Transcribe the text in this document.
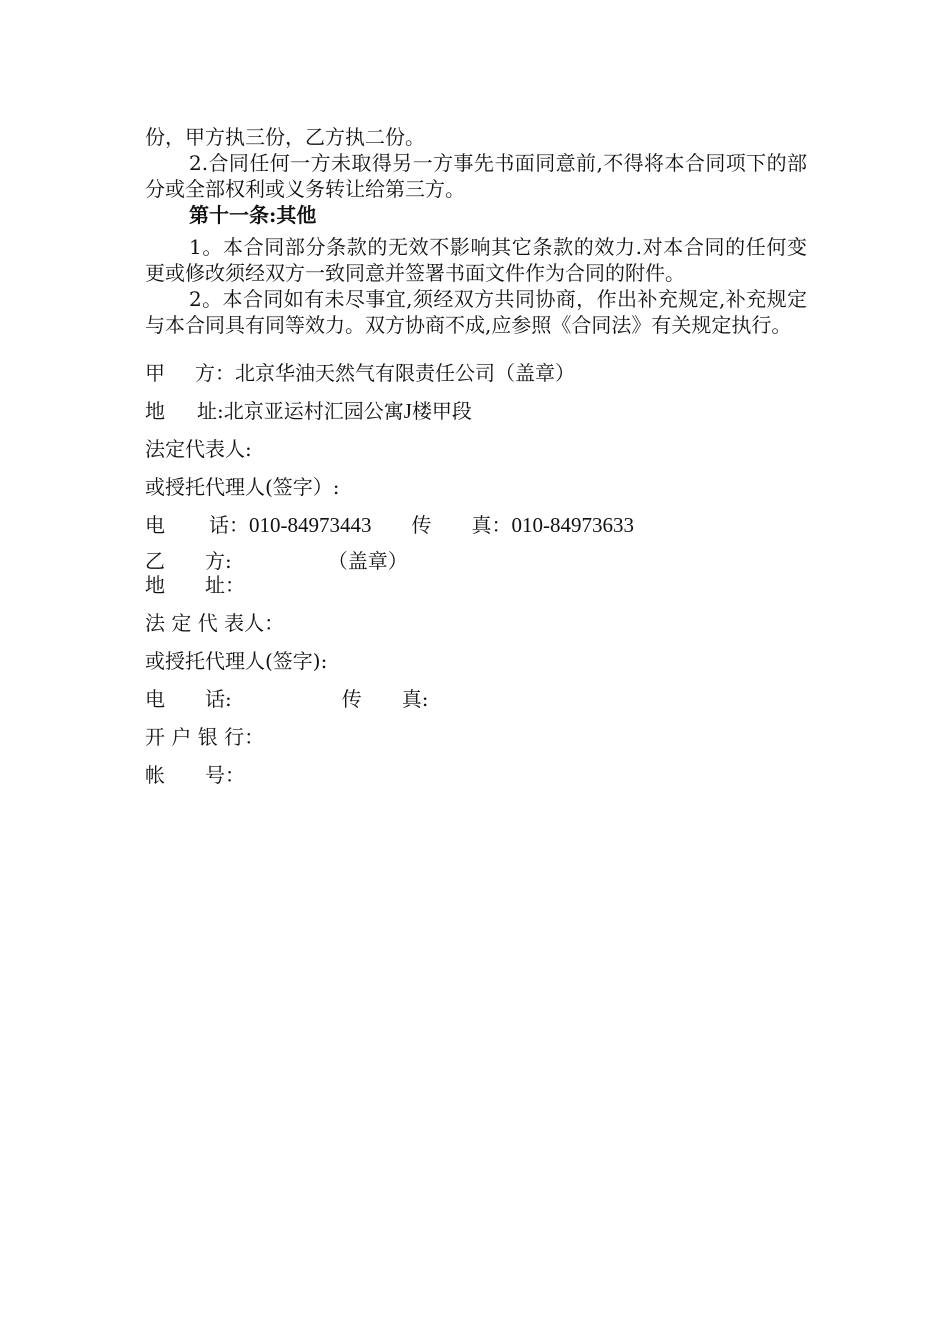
份，甲方执三份，乙方执二份。

2.合同任何一方未取得另一方事先书面同意前,不得将本合同项下的部分或全部权利或义务转让给第三方。

第十一条:其他

1。本合同部分条款的无效不影响其它条款的效力.对本合同的任何变更或修改须经双方一致同意并签署书面文件作为合同的附件。

2。本合同如有未尽事宜,须经双方共同协商，作出补充规定,补充规定与本合同具有同等效力。双方协商不成,应参照《合同法》有关规定执行。

甲 方：北京华油天然气有限责任公司（盖章）
地 址:北京亚运村汇园公寓J楼甲段
法定代表人:
或授托代理人(签字）:
电 话：010-84973443 传 真：010-84973633
乙 方:	（盖章）
地 址：
法 定 代 表人：
或授托代理人(签字):
电 话:	传 真:
开 户 银 行：
帐 号：
